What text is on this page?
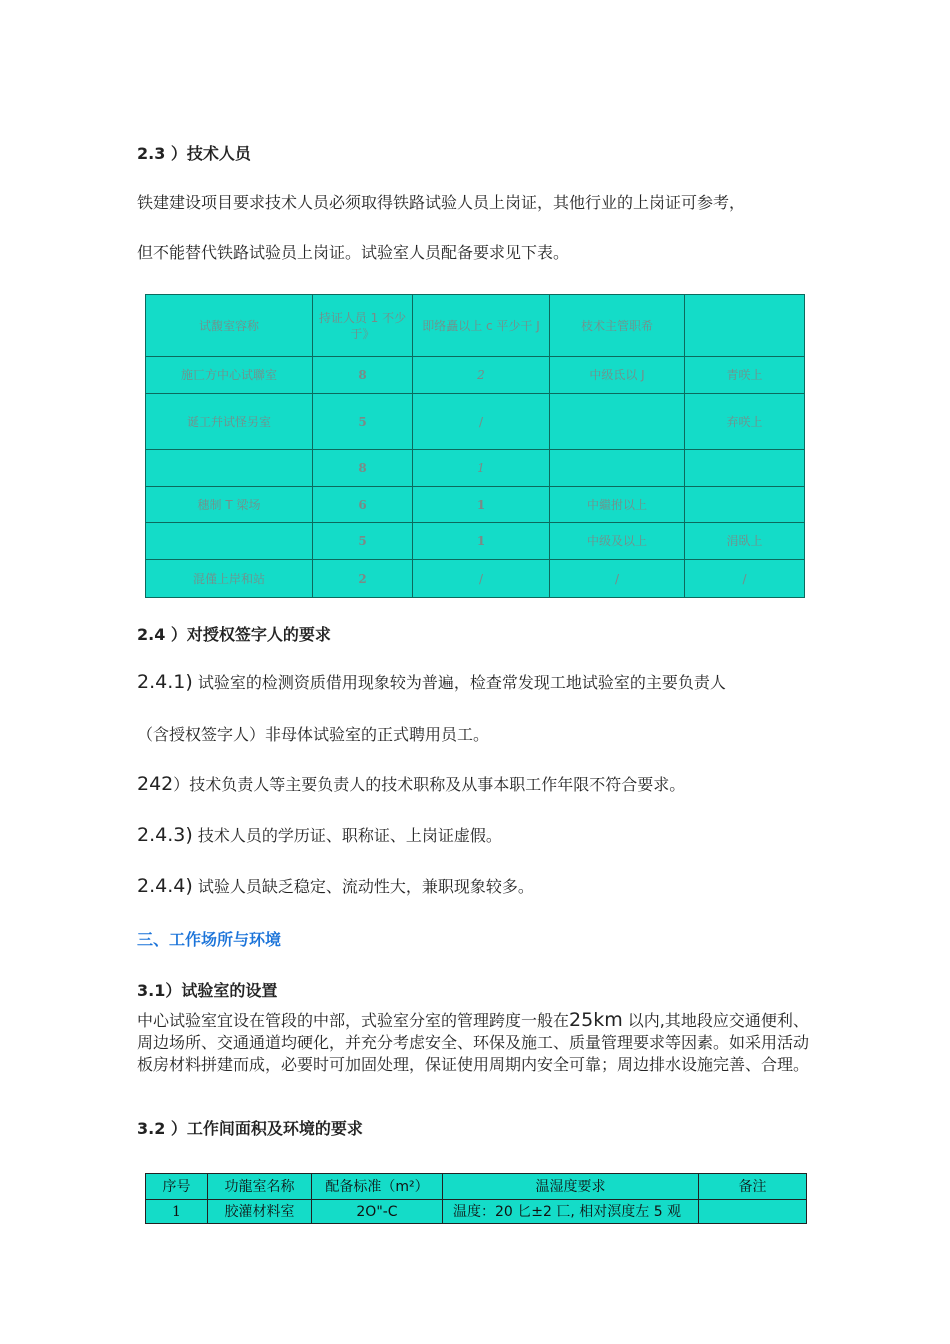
2.3 ）技术人员
铁建建设项目要求技术人员必须取得铁路试验人员上岗证，其他行业的上岗证可参考，
但不能替代铁路试验员上岗证。试验室人员配备要求见下表。
试馥室容称	持证人员 1 不少于》	即络矗以上 c 平少干 J	枝术主管职希	
施匸方中心试聯室	8	2	中级氐以 J	青咲上
诞工幷试怪另室	5	/		弃咲上
	8	1		
穗制 T 梁场	6	1	中繼拊以上	
	5	1	中级及以上	涓臥上
混僅上岸和站	2	/	/	/
2.4 ）对授权签字人的要求
2.4.1) 试验室的检测资质借用现象较为普遍，检查常发现工地试验室的主要负责人
（含授权签字人）非母体试验室的正式聘用员工。
242）技术负责人等主要负责人的技术职称及从事本职工作年限不符合要求。
2.4.3) 技术人员的学历证、职称证、上岗证虚假。
2.4.4) 试验人员缺乏稳定、流动性大，兼职现象较多。
三、工作场所与环境
3.1）试验室的设置
中心试验室宜设在管段的中部，式验室分室的管理跨度一般在25km 以内,其地段应交通便利、周边场所、交通通道均硬化，并充分考虑安全、环保及施工、质量管理要求等因素。如采用活动板房材料拼建而成，必要时可加固处理，保证使用周期内安全可靠；周边排水设施完善、合理。
3.2 ）工作间面积及环境的要求
序号	功龍室名称	配备标准（m²）	温湿度要求	备注
1	胶灌材料室	2O"-C	温度：20 匕±2 匸, 相对溟度左 5 观	
